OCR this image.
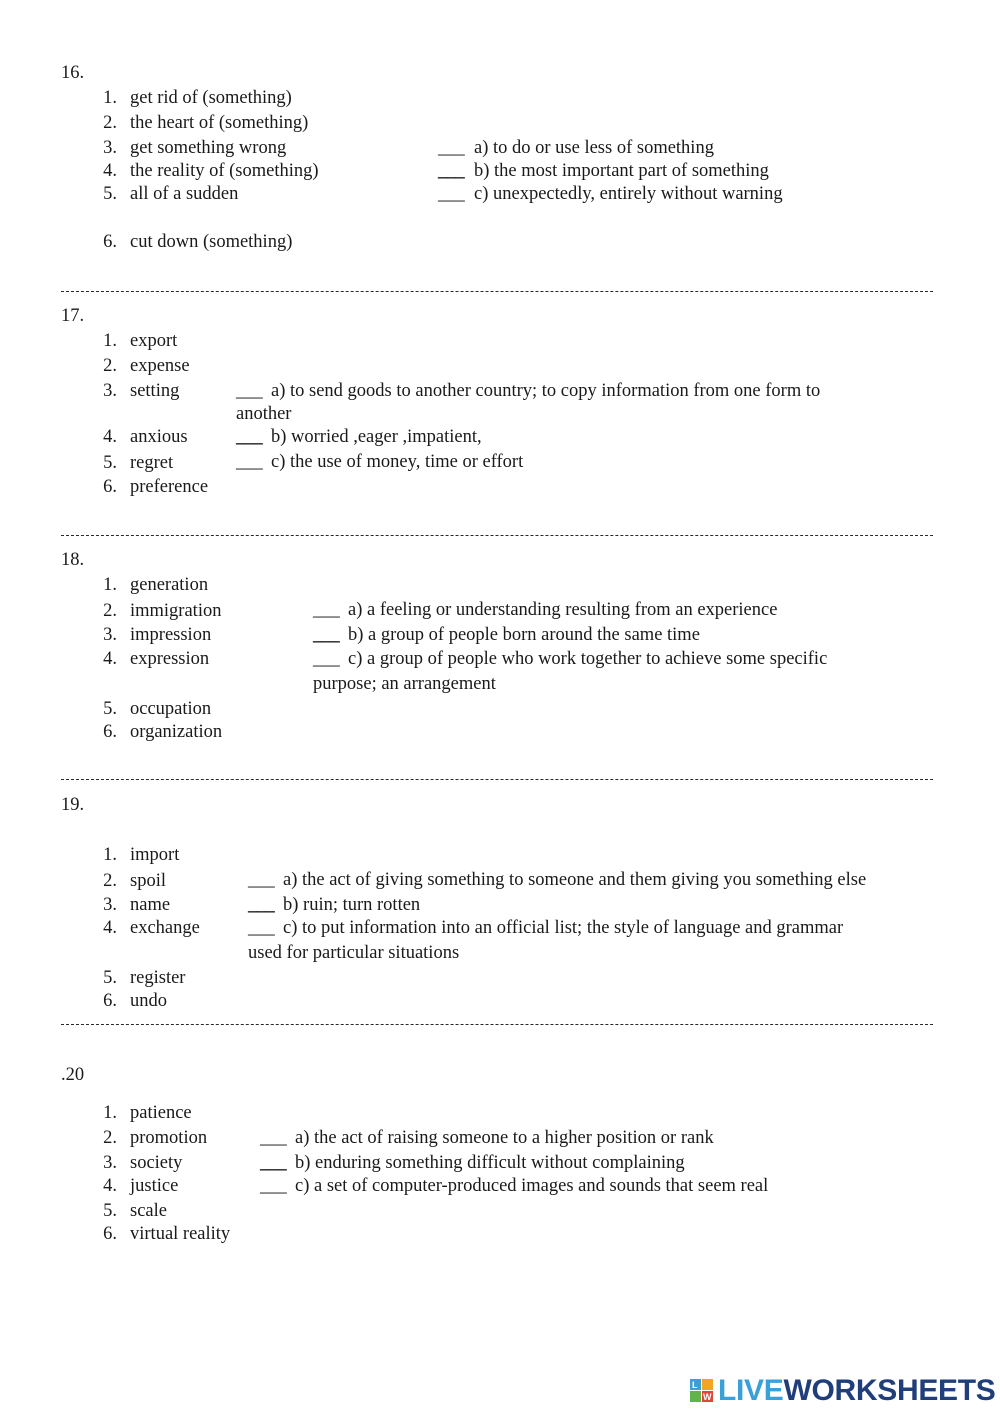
16.
1. get rid of (something)
2. the heart of (something)
3. get something wrong
4. the reality of (something)
5. all of a sudden
6. cut down (something)
___ a) to do or use less of something
___ b) the most important part of something
___ c) unexpectedly, entirely without warning
17.
1. export
2. expense
3. setting
4. anxious
5. regret
6. preference
___ a) to send goods to another country; to copy information from one form to
another
___ b) worried ,eager ,impatient,
___ c) the use of money, time or effort
18.
1. generation
2. immigration
3. impression
4. expression
5. occupation
6. organization
___ a) a feeling or understanding resulting from an experience
___ b) a group of people born around the same time
___ c) a group of people who work together to achieve some specific
purpose; an arrangement
19.
1. import
2. spoil
3. name
4. exchange
5. register
6. undo
___ a) the act of giving something to someone and them giving you something else
___ b) ruin; turn rotten
___ c) to put information into an official list; the style of language and grammar
used for particular situations
.20
1. patience
2. promotion
3. society
4. justice
5. scale
6. virtual reality
___ a) the act of raising someone to a higher position or rank
___ b) enduring something difficult without complaining
___ c) a set of computer-produced images and sounds that seem real
L
W LIVEWORKSHEETS
